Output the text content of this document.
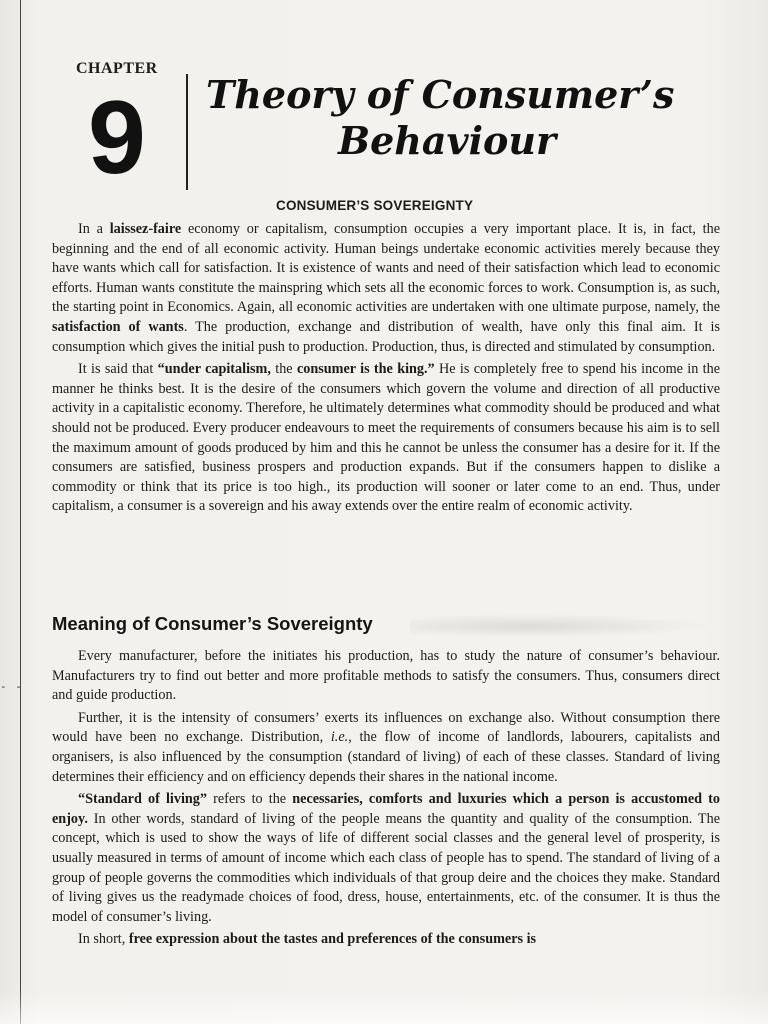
- -
CHAPTER
9 Theory of Consumer’s
Behaviour
CONSUMER’S SOVEREIGNTY

In a laissez-faire economy or capitalism, consumption occupies a very important place. It is, in fact, the beginning and the end of all economic activity. Human beings undertake economic activities merely because they have wants which call for satisfaction. It is existence of wants and need of their satisfaction which lead to economic efforts. Human wants constitute the mainspring which sets all the economic forces to work. Consumption is, as such, the starting point in Economics. Again, all economic activities are undertaken with one ultimate purpose, namely, the satisfaction of wants. The production, exchange and distribution of wealth, have only this final aim. It is consumption which gives the initial push to production. Production, thus, is directed and stimulated by consumption.

It is said that “under capitalism, the consumer is the king.” He is completely free to spend his income in the manner he thinks best. It is the desire of the consumers which govern the volume and direction of all productive activity in a capitalistic economy. Therefore, he ultimately determines what commodity should be produced and what should not be produced. Every producer endeavours to meet the requirements of consumers because his aim is to sell the maximum amount of goods produced by him and this he cannot be unless the consumer has a desire for it. If the consumers are satisfied, business prospers and production expands. But if the consumers happen to dislike a commodity or think that its price is too high., its production will sooner or later come to an end. Thus, under capitalism, a consumer is a sovereign and his away extends over the entire realm of economic activity.

Meaning of Consumer’s Sovereignty

Every manufacturer, before the initiates his production, has to study the nature of consumer’s behaviour. Manufacturers try to find out better and more profitable methods to satisfy the consumers. Thus, consumers direct and guide production.

Further, it is the intensity of consumers’ exerts its influences on exchange also. Without consumption there would have been no exchange. Distribution, i.e., the flow of income of landlords, labourers, capitalists and organisers, is also influenced by the consumption (standard of living) of each of these classes. Standard of living determines their efficiency and on efficiency depends their shares in the national income.

“Standard of living” refers to the necessaries, comforts and luxuries which a person is accustomed to enjoy. In other words, standard of living of the people means the quantity and quality of the consumption. The concept, which is used to show the ways of life of different social classes and the general level of prosperity, is usually measured in terms of amount of income which each class of people has to spend. The standard of living of a group of people governs the commodities which individuals of that group deire and the choices they make. Standard of living gives us the readymade choices of food, dress, house, entertainments, etc. of the consumer. It is thus the model of consumer’s living.

In short, free expression about the tastes and preferences of the consumers is
